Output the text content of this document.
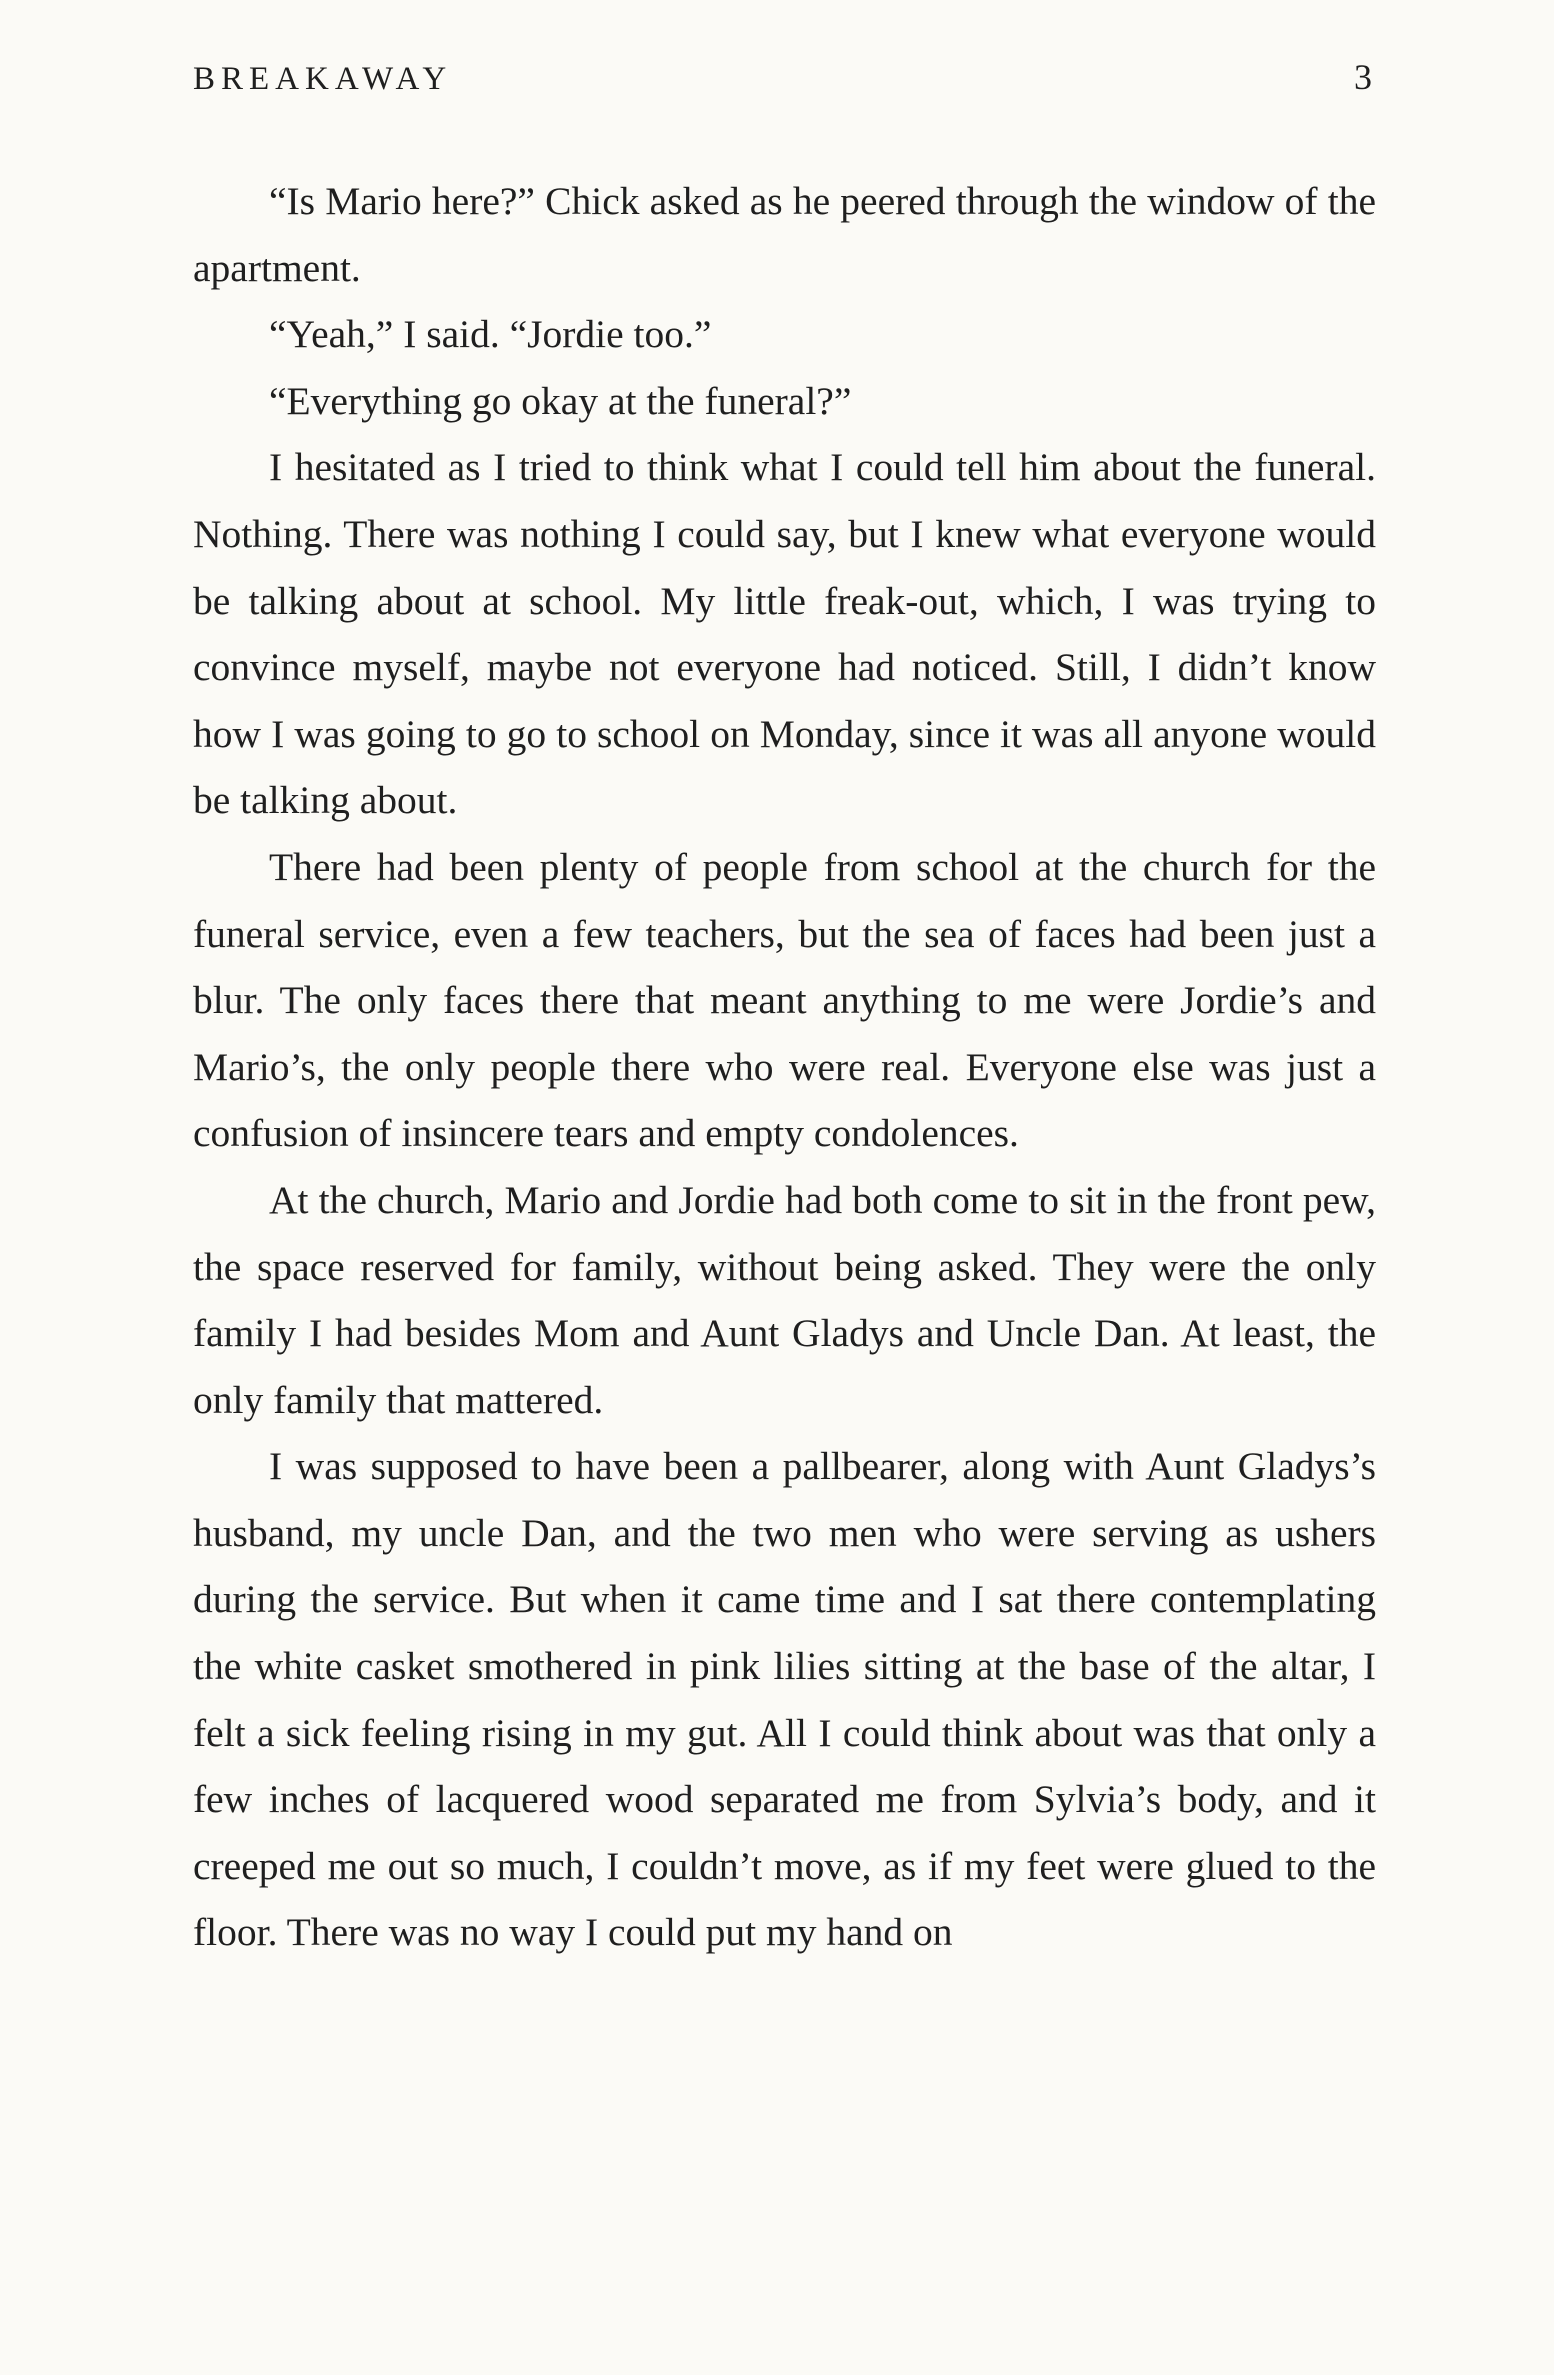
BREAKAWAY	3

“Is Mario here?” Chick asked as he peered through the window of the apartment.

“Yeah,” I said. “Jordie too.”

“Everything go okay at the funeral?”

I hesitated as I tried to think what I could tell him about the funeral. Nothing. There was nothing I could say, but I knew what everyone would be talking about at school. My little freak-out, which, I was trying to convince myself, maybe not everyone had noticed. Still, I didn’t know how I was going to go to school on Monday, since it was all anyone would be talking about.

There had been plenty of people from school at the church for the funeral service, even a few teachers, but the sea of faces had been just a blur. The only faces there that meant anything to me were Jordie’s and Mario’s, the only people there who were real. Everyone else was just a confusion of insincere tears and empty condolences.

At the church, Mario and Jordie had both come to sit in the front pew, the space reserved for family, without being asked. They were the only family I had besides Mom and Aunt Gladys and Uncle Dan. At least, the only family that mattered.

I was supposed to have been a pallbearer, along with Aunt Gladys’s husband, my uncle Dan, and the two men who were serving as ushers during the service. But when it came time and I sat there contemplating the white casket smothered in pink lilies sitting at the base of the altar, I felt a sick feeling rising in my gut. All I could think about was that only a few inches of lacquered wood separated me from Sylvia’s body, and it creeped me out so much, I couldn’t move, as if my feet were glued to the floor. There was no way I could put my hand on
